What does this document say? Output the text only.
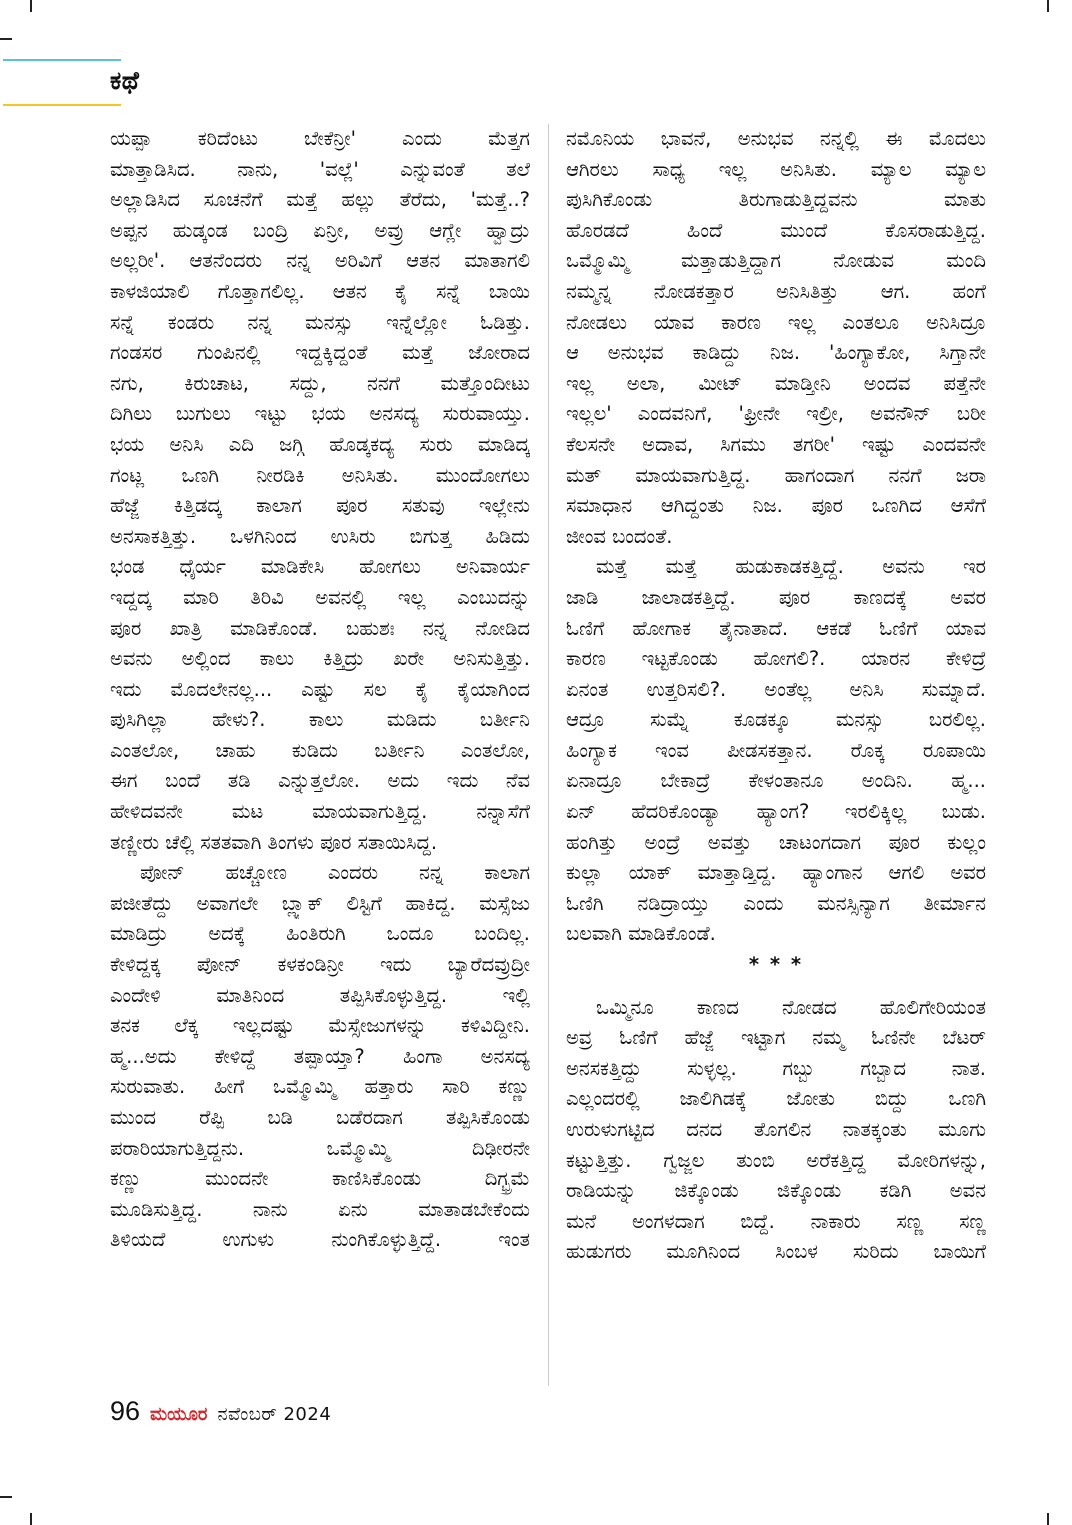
ಕಥೆ

ಯಪ್ಪಾ ಕರಿದೆಂಟು ಬೇಕೆನ್ರೀ' ಎಂದು ಮೆತ್ತಗ

ಮಾತ್ತಾಡಿಸಿದ. ನಾನು, 'ವಲ್ಲೆ' ಎನ್ನುವಂತೆ ತಲೆ

ಅಲ್ಲಾಡಿಸಿದ ಸೂಚನೆಗೆ ಮತ್ತೆ ಹಲ್ಲು ತೆರೆದು, 'ಮತ್ತೆ..?

ಅಪ್ಪನ ಹುಡ್ಕಂಡ ಬಂದ್ರಿ ಏನ್ರೀ, ಅವ್ರು ಆಗ್ಲೇ ಹ್ವಾದ್ರು

ಅಲ್ಲರೀ'. ಆತನೆಂದರು ನನ್ನ ಅರಿವಿಗೆ ಆತನ ಮಾತಾಗಲಿ

ಕಾಳಜಿಯಾಲಿ ಗೊತ್ತಾಗಲಿಲ್ಲ. ಆತನ ಕೈ ಸನ್ನೆ ಬಾಯಿ

ಸನ್ನೆ ಕಂಡರು ನನ್ನ ಮನಸ್ಸು ಇನ್ನೆಲ್ಲೋ ಓಡಿತ್ತು.

ಗಂಡಸರ ಗುಂಪಿನಲ್ಲಿ ಇದ್ದಕ್ಕಿದ್ದಂತೆ ಮತ್ತೆ ಜೋರಾದ

ನಗು, ಕಿರುಚಾಟ, ಸದ್ದು, ನನಗೆ ಮತ್ತೊಂದೀಟು

ದಿಗಿಲು ಬುಗುಲು ಇಟ್ಟು ಭಯ ಅನಸದ್ಯ ಸುರುವಾಯ್ತು.

ಭಯ ಅನಿಸಿ ಎದಿ ಜಗ್ಗಿ ಹೊಡ್ಕಕದ್ಯ ಸುರು ಮಾಡಿದ್ಕ

ಗಂಟ್ಲ ಒಣಗಿ ನೀರಡಿಕಿ ಅನಿಸಿತು. ಮುಂದೋಗಲು

ಹೆಜ್ಜೆ ಕಿತ್ತಿಡದ್ಕ ಕಾಲಾಗ ಪೂರ ಸತುವು ಇಲ್ಲೇನು

ಅನಸಾಕತ್ತಿತ್ತು. ಒಳಗಿನಿಂದ ಉಸಿರು ಬಿಗುತ್ತ ಹಿಡಿದು

ಭಂಡ ಧೈರ್ಯ ಮಾಡಿಕೇಸಿ ಹೋಗಲು ಅನಿವಾರ್ಯ

ಇದ್ದದ್ಕ ಮಾರಿ ತಿರಿವಿ ಅವನಲ್ಲಿ ಇಲ್ಲ ಎಂಬುದನ್ನು

ಪೂರ ಖಾತ್ರಿ ಮಾಡಿಕೊಂಡೆ. ಬಹುಶಃ ನನ್ನ ನೋಡಿದ

ಅವನು ಅಲ್ಲಿಂದ ಕಾಲು ಕಿತ್ತಿದ್ರು ಖರೇ ಅನಿಸುತ್ತಿತ್ತು.

ಇದು ಮೊದಲೇನಲ್ಲ... ಎಷ್ಟು ಸಲ ಕೈ ಕೈಯಾಗಿಂದ

ಪುಸಿಗಿಲ್ಲಾ ಹೇಳು?. ಕಾಲು ಮಡಿದು ಬರ್ತೀನಿ

ಎಂತಲೋ, ಚಾಹು ಕುಡಿದು ಬರ್ತೀನಿ ಎಂತಲೋ,

ಈಗ ಬಂದೆ ತಡಿ ಎನ್ನುತ್ತಲೋ. ಅದು ಇದು ನೆವ

ಹೇಳಿದವನೇ ಮಟ ಮಾಯವಾಗುತ್ತಿದ್ದ. ನನ್ನಾಸೆಗೆ

ತಣ್ಣೀರು ಚೆಲ್ಲಿ ಸತತವಾಗಿ ತಿಂಗಳು ಪೂರ ಸತಾಯಿಸಿದ್ದ.

ಪೋನ್ ಹಚ್ಚೋಣ ಎಂದರು ನನ್ನ ಕಾಲಾಗ

ಪಜೀತೆದ್ದು ಅವಾಗಲೇ ಬ್ಲ್ಯಾಕ್ ಲಿಸ್ಟಿಗೆ ಹಾಕಿದ್ದ. ಮಸ್ಸೆಜು

ಮಾಡಿದ್ರು ಅದಕ್ಕೆ ಹಿಂತಿರುಗಿ ಒಂದೂ ಬಂದಿಲ್ಲ.

ಕೇಳಿದ್ದಕ್ಕ ಪೋನ್ ಕಳಕಂಡಿನ್ರೀ ಇದು ಬ್ಯಾರೆದವ್ರುದ್ರೀ

ಎಂದೇಳಿ ಮಾತಿನಿಂದ ತಪ್ಪಿಸಿಕೊಳ್ಳುತ್ತಿದ್ದ. ಇಲ್ಲಿ

ತನಕ ಲೆಕ್ಕ ಇಲ್ಲದಷ್ಟು ಮೆಸ್ಸೇಜುಗಳನ್ನು ಕಳಿವಿದ್ದೀನಿ.

ಹ್ಮ...ಅದು ಕೇಳಿದ್ದೆ ತಪ್ಪಾಯ್ತಾ? ಹಿಂಗಾ ಅನಸದ್ಯ

ಸುರುವಾತು. ಹೀಗೆ ಒಮ್ಮೊಮ್ಮಿ ಹತ್ತಾರು ಸಾರಿ ಕಣ್ಣು

ಮುಂದ ರೆಪ್ಪಿ ಬಡಿ ಬಡೆರದಾಗ ತಪ್ಪಿಸಿಕೊಂಡು

ಪರಾರಿಯಾಗುತ್ತಿದ್ದನು. ಒಮ್ಮೊಮ್ಮಿ ದಿಢೀರನೇ

ಕಣ್ಣು ಮುಂದನೇ ಕಾಣಿಸಿಕೊಂಡು ದಿಗ್ಭ್ರಮೆ

ಮೂಡಿಸುತ್ತಿದ್ದ. ನಾನು ಏನು ಮಾತಾಡಬೇಕೆಂದು

ತಿಳಿಯದೆ ಉಗುಳು ನುಂಗಿಕೊಳ್ಳುತ್ತಿದ್ದೆ. ಇಂತ

ನಮೊನಿಯ ಭಾವನೆ, ಅನುಭವ ನನ್ನಲ್ಲಿ ಈ ಮೊದಲು

ಆಗಿರಲು ಸಾಧ್ಯ ಇಲ್ಲ ಅನಿಸಿತು. ಮ್ಯಾಲ ಮ್ಯಾಲ

ಪುಸಿಗಿಕೊಂಡು ತಿರುಗಾಡುತ್ತಿದ್ದವನು ಮಾತು

ಹೊರಡದೆ ಹಿಂದೆ ಮುಂದೆ ಕೊಸರಾಡುತ್ತಿದ್ದ.

ಒಮ್ಮೊಮ್ಮಿ ಮತ್ತಾಡುತ್ತಿದ್ದಾಗ ನೋಡುವ ಮಂದಿ

ನಮ್ಮನ್ನ ನೋಡಕತ್ತಾರ ಅನಿಸಿತಿತ್ತು ಆಗ. ಹಂಗೆ

ನೋಡಲು ಯಾವ ಕಾರಣ ಇಲ್ಲ ಎಂತಲೂ ಅನಿಸಿದ್ರೂ

ಆ ಅನುಭವ ಕಾಡಿದ್ದು ನಿಜ. 'ಹಿಂಗ್ಯಾಕೋ, ಸಿಗ್ತಾನೇ

ಇಲ್ಲ ಅಲಾ, ಮೀಟ್ ಮಾಡ್ತೀನಿ ಅಂದವ ಪತ್ತೆನೇ

ಇಲ್ಲಲ' ಎಂದವನಿಗೆ, 'ಫ್ರೀನೇ ಇಲ್ರೀ, ಅವನೌನ್ ಬರೀ

ಕೆಲಸನೇ ಅದಾವ, ಸಿಗಮು ತಗರೀ' ಇಷ್ಟು ಎಂದವನೇ

ಮತ್ ಮಾಯವಾಗುತ್ತಿದ್ದ. ಹಾಗಂದಾಗ ನನಗೆ ಜರಾ

ಸಮಾಧಾನ ಆಗಿದ್ದಂತು ನಿಜ. ಪೂರ ಒಣಗಿದ ಆಸೆಗೆ

ಜೀಂವ ಬಂದಂತೆ.

ಮತ್ತೆ ಮತ್ತೆ ಹುಡುಕಾಡಕತ್ತಿದ್ದೆ. ಅವನು ಇರ

ಜಾಡಿ ಜಾಲಾಡಕತ್ತಿದ್ದೆ. ಪೂರ ಕಾಣದಕ್ಕೆ ಅವರ

ಓಣಿಗೆ ಹೋಗಾಕ ತೈನಾತಾದೆ. ಆಕಡೆ ಓಣಿಗೆ ಯಾವ

ಕಾರಣ ಇಟ್ಟಕೊಂಡು ಹೋಗಲಿ?. ಯಾರನ ಕೇಳಿದ್ರೆ

ಏನಂತ ಉತ್ತರಿಸಲಿ?. ಅಂತೆಲ್ಲ ಅನಿಸಿ ಸುಮ್ನಾದೆ.

ಆದ್ರೂ ಸುಮ್ನೆ ಕೂಡಕ್ಕೂ ಮನಸ್ಸು ಬರಲಿಲ್ಲ.

ಹಿಂಗ್ಯಾಕ ಇಂವ ಪೀಡಸಕತ್ತಾನ. ರೊಕ್ಕ ರೂಪಾಯಿ

ಏನಾದ್ರೂ ಬೇಕಾದ್ರೆ ಕೇಳಂತಾನೂ ಅಂದಿನಿ. ಹ್ಮ...

ಏನ್ ಹೆದರಿಕೊಂಡ್ಯಾ ಹ್ಯಾಂಗ? ಇರಲಿಕ್ಕಿಲ್ಲ ಬುಡು.

ಹಂಗಿತ್ತು ಅಂದ್ರೆ ಅವತ್ತು ಚಾಟಂಗದಾಗ ಪೂರ ಕುಲ್ಲಂ

ಕುಲ್ಲಾ ಯಾಕ್ ಮಾತ್ತಾಡ್ತಿದ್ದ. ಹ್ಯಾಂಗಾನ ಆಗಲಿ ಅವರ

ಓಣಿಗಿ ನಡಿದ್ರಾಯ್ತು ಎಂದು ಮನಸ್ಸಿನ್ಯಾಗ ತೀರ್ಮಾನ

ಬಲವಾಗಿ ಮಾಡಿಕೊಂಡೆ.

* * *

ಒಮ್ಮಿನೂ ಕಾಣದ ನೋಡದ ಹೊಲಿಗೇರಿಯಂತ

ಅವ್ರ ಓಣಿಗೆ ಹೆಜ್ಜೆ ಇಟ್ಟಾಗ ನಮ್ಮ ಓಣಿನೇ ಬೆಟರ್

ಅನಸಕತ್ತಿದ್ದು ಸುಳ್ಳಲ್ಲ. ಗಬ್ಬು ಗಬ್ಬಾದ ನಾತ.

ಎಲ್ಲಂದರಲ್ಲಿ ಜಾಲಿಗಿಡಕ್ಕೆ ಜೋತು ಬಿದ್ದು ಒಣಗಿ

ಉರುಳುಗಟ್ಟಿದ ದನದ ತೊಗಲಿನ ನಾತಕ್ಕಂತು ಮೂಗು

ಕಟ್ಟುತ್ತಿತ್ತು. ಗ್ವಜ್ಜಲ ತುಂಬಿ ಅರೆಕತ್ತಿದ್ದ ಮೋರಿಗಳನ್ನು,

ರಾಡಿಯನ್ನು ಜಿಕ್ಕೊಂಡು ಜಿಕ್ಕೊಂಡು ಕಡಿಗಿ ಅವನ

ಮನೆ ಅಂಗಳದಾಗ ಬಿದ್ದೆ. ನಾಕಾರು ಸಣ್ಣ ಸಣ್ಣ

ಹುಡುಗರು ಮೂಗಿನಿಂದ ಸಿಂಬಳ ಸುರಿದು ಬಾಯಿಗೆ

96 ಮಯೂರ ನವೆಂಬರ್ 2024
